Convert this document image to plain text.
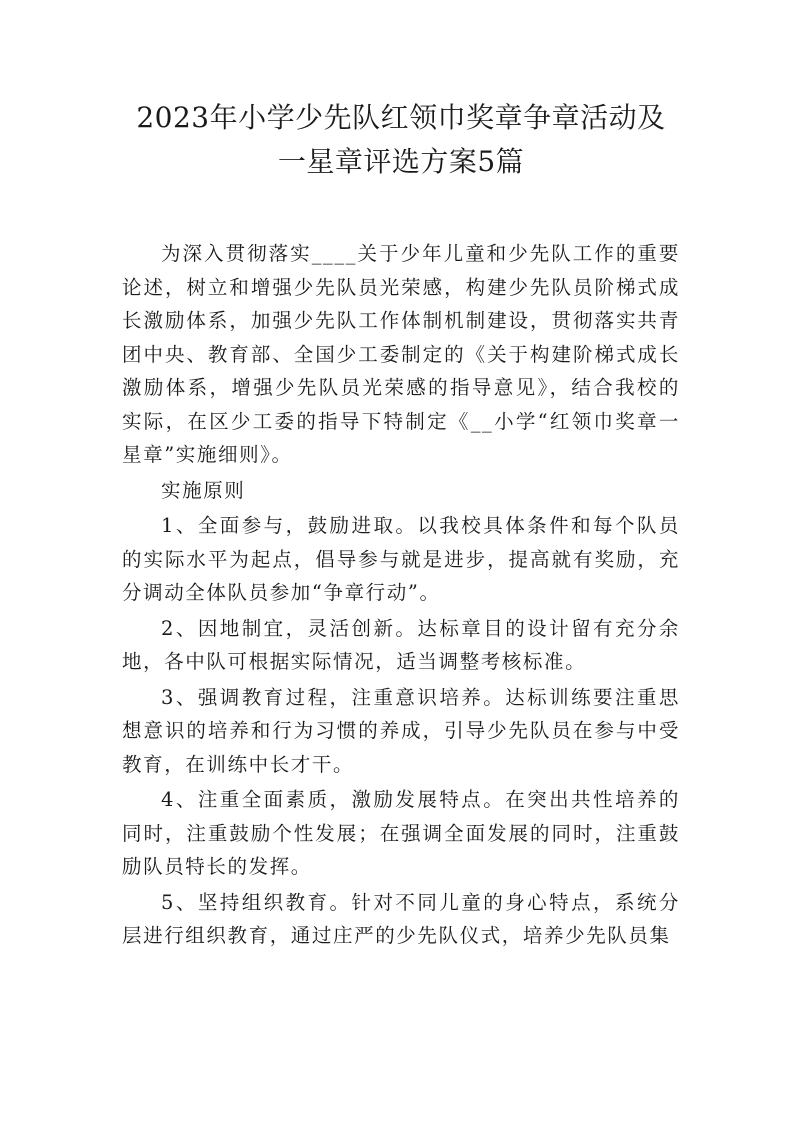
2023年小学少先队红领巾奖章争章活动及
一星章评选方案5篇

为深入贯彻落实____关于少年儿童和少先队工作的重要论述，树立和增强少先队员光荣感，构建少先队员阶梯式成长激励体系，加强少先队工作体制机制建设，贯彻落实共青团中央、教育部、全国少工委制定的《关于构建阶梯式成长激励体系，增强少先队员光荣感的指导意见》，结合我校的实际，在区少工委的指导下特制定《__小学“红领巾奖章一星章”实施细则》。

实施原则

1、全面参与，鼓励进取。以我校具体条件和每个队员的实际水平为起点，倡导参与就是进步，提高就有奖励，充分调动全体队员参加“争章行动”。

2、因地制宜，灵活创新。达标章目的设计留有充分余地，各中队可根据实际情况，适当调整考核标准。

3、强调教育过程，注重意识培养。达标训练要注重思想意识的培养和行为习惯的养成，引导少先队员在参与中受教育，在训练中长才干。

4、注重全面素质，激励发展特点。在突出共性培养的同时，注重鼓励个性发展；在强调全面发展的同时，注重鼓励队员特长的发挥。

5、坚持组织教育。针对不同儿童的身心特点，系统分层进行组织教育，通过庄严的少先队仪式，培养少先队员集
